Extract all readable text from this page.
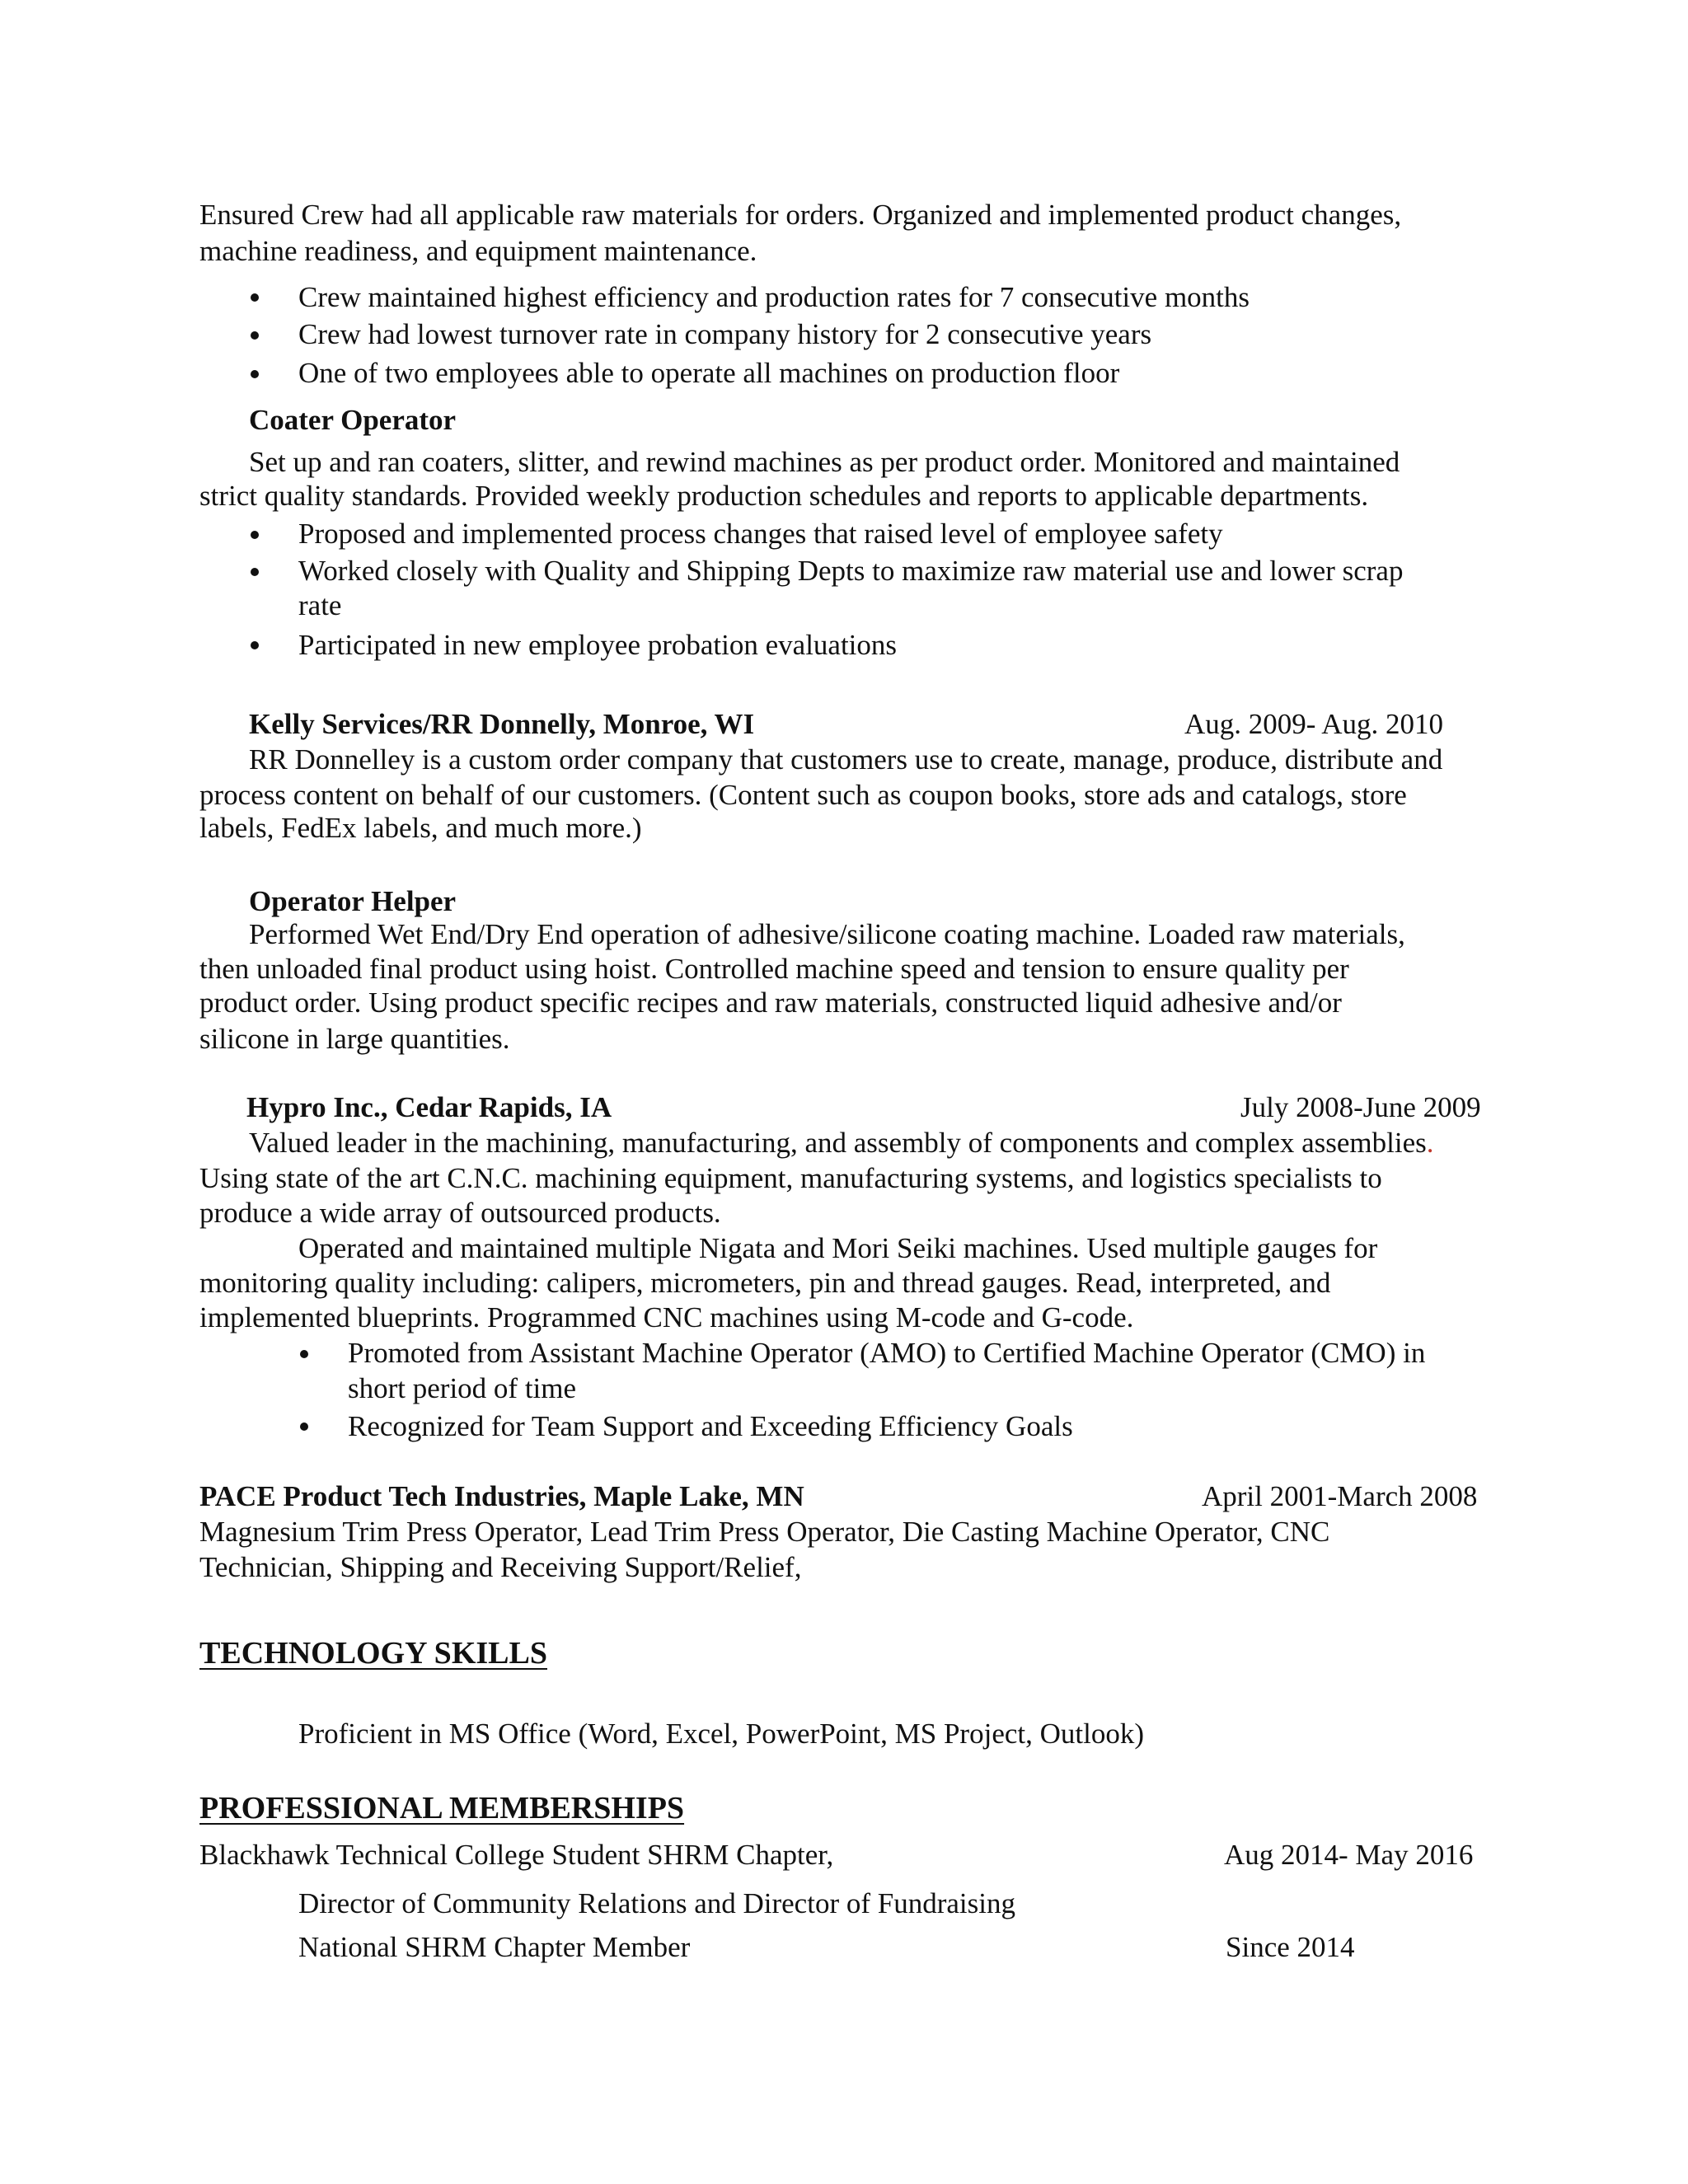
Ensured Crew had all applicable raw materials for orders. Organized and implemented product changes,
machine readiness, and equipment maintenance.
Crew maintained highest efficiency and production rates for 7 consecutive months
Crew had lowest turnover rate in company history for 2 consecutive years
One of two employees able to operate all machines on production floor
Coater Operator
Set up and ran coaters, slitter, and rewind machines as per product order. Monitored and maintained
strict quality standards. Provided weekly production schedules and reports to applicable departments.
Proposed and implemented process changes that raised level of employee safety
Worked closely with Quality and Shipping Depts to maximize raw material use and lower scrap
rate
Participated in new employee probation evaluations
Kelly Services/RR Donnelly, Monroe, WI	Aug. 2009- Aug. 2010
RR Donnelley is a custom order company that customers use to create, manage, produce, distribute and
process content on behalf of our customers. (Content such as coupon books, store ads and catalogs, store
labels, FedEx labels, and much more.)
Operator Helper
Performed Wet End/Dry End operation of adhesive/silicone coating machine. Loaded raw materials,
then unloaded final product using hoist. Controlled machine speed and tension to ensure quality per
product order. Using product specific recipes and raw materials, constructed liquid adhesive and/or
silicone in large quantities.
Hypro Inc., Cedar Rapids, IA	July 2008-June 2009
Valued leader in the machining, manufacturing, and assembly of components and complex assemblies.
Using state of the art C.N.C. machining equipment, manufacturing systems, and logistics specialists to
produce a wide array of outsourced products.
Operated and maintained multiple Nigata and Mori Seiki machines. Used multiple gauges for
monitoring quality including: calipers, micrometers, pin and thread gauges. Read, interpreted, and
implemented blueprints. Programmed CNC machines using M-code and G-code.
Promoted from Assistant Machine Operator (AMO) to Certified Machine Operator (CMO) in
short period of time
Recognized for Team Support and Exceeding Efficiency Goals
PACE Product Tech Industries, Maple Lake, MN	April 2001-March 2008
Magnesium Trim Press Operator, Lead Trim Press Operator, Die Casting Machine Operator, CNC
Technician, Shipping and Receiving Support/Relief,
TECHNOLOGY SKILLS
Proficient in MS Office (Word, Excel, PowerPoint, MS Project, Outlook)
PROFESSIONAL MEMBERSHIPS
Blackhawk Technical College Student SHRM Chapter,	Aug 2014- May 2016
Director of Community Relations and Director of Fundraising
National SHRM Chapter Member	Since 2014
